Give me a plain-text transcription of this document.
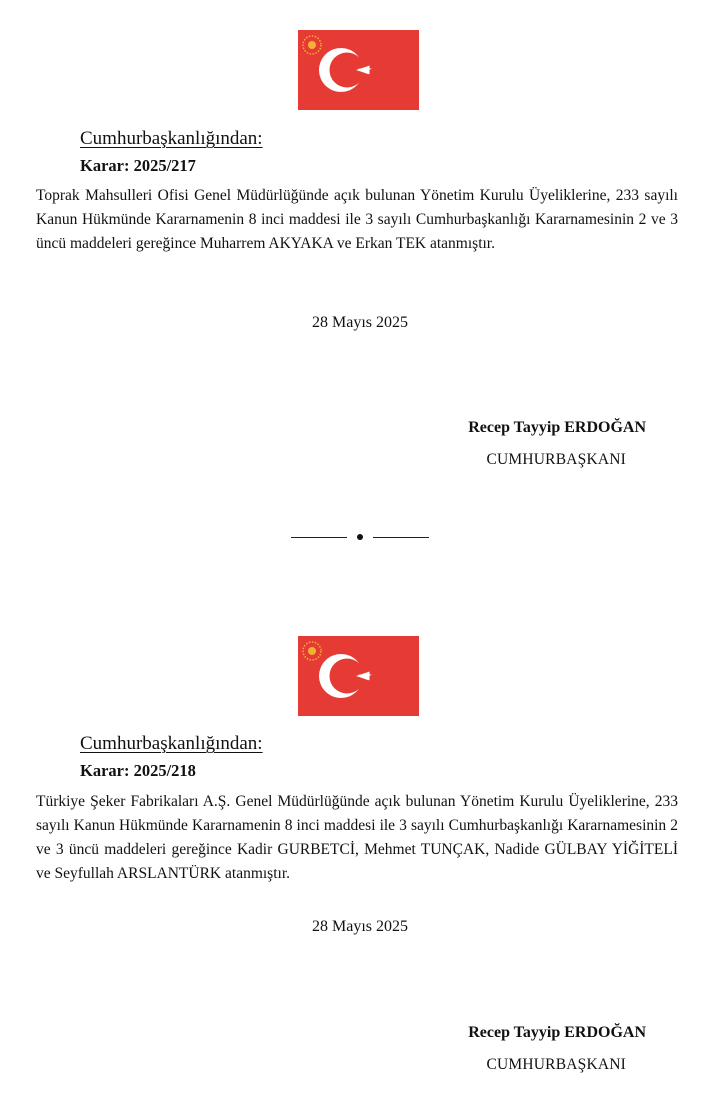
Cumhurbaşkanlığından:
Karar: 2025/217

Toprak Mahsulleri Ofisi Genel Müdürlüğünde açık bulunan Yönetim Kurulu Üyeliklerine, 233 sayılı Kanun Hükmünde Kararnamenin 8 inci maddesi ile 3 sayılı Cumhurbaşkanlığı Kararnamesinin 2 ve 3 üncü maddeleri gereğince Muharrem AKYAKA ve Erkan TEK atanmıştır.

28 Mayıs 2025
Recep Tayyip ERDOĞAN
CUMHURBAŞKANI
Cumhurbaşkanlığından:
Karar: 2025/218

Türkiye Şeker Fabrikaları A.Ş. Genel Müdürlüğünde açık bulunan Yönetim Kurulu Üyeliklerine, 233 sayılı Kanun Hükmünde Kararnamenin 8 inci maddesi ile 3 sayılı Cumhurbaşkanlığı Kararnamesinin 2 ve 3 üncü maddeleri gereğince Kadir GURBETCİ, Mehmet TUNÇAK, Nadide GÜLBAY YİĞİTELİ ve Seyfullah ARSLANTÜRK atanmıştır.

28 Mayıs 2025
Recep Tayyip ERDOĞAN
CUMHURBAŞKANI
